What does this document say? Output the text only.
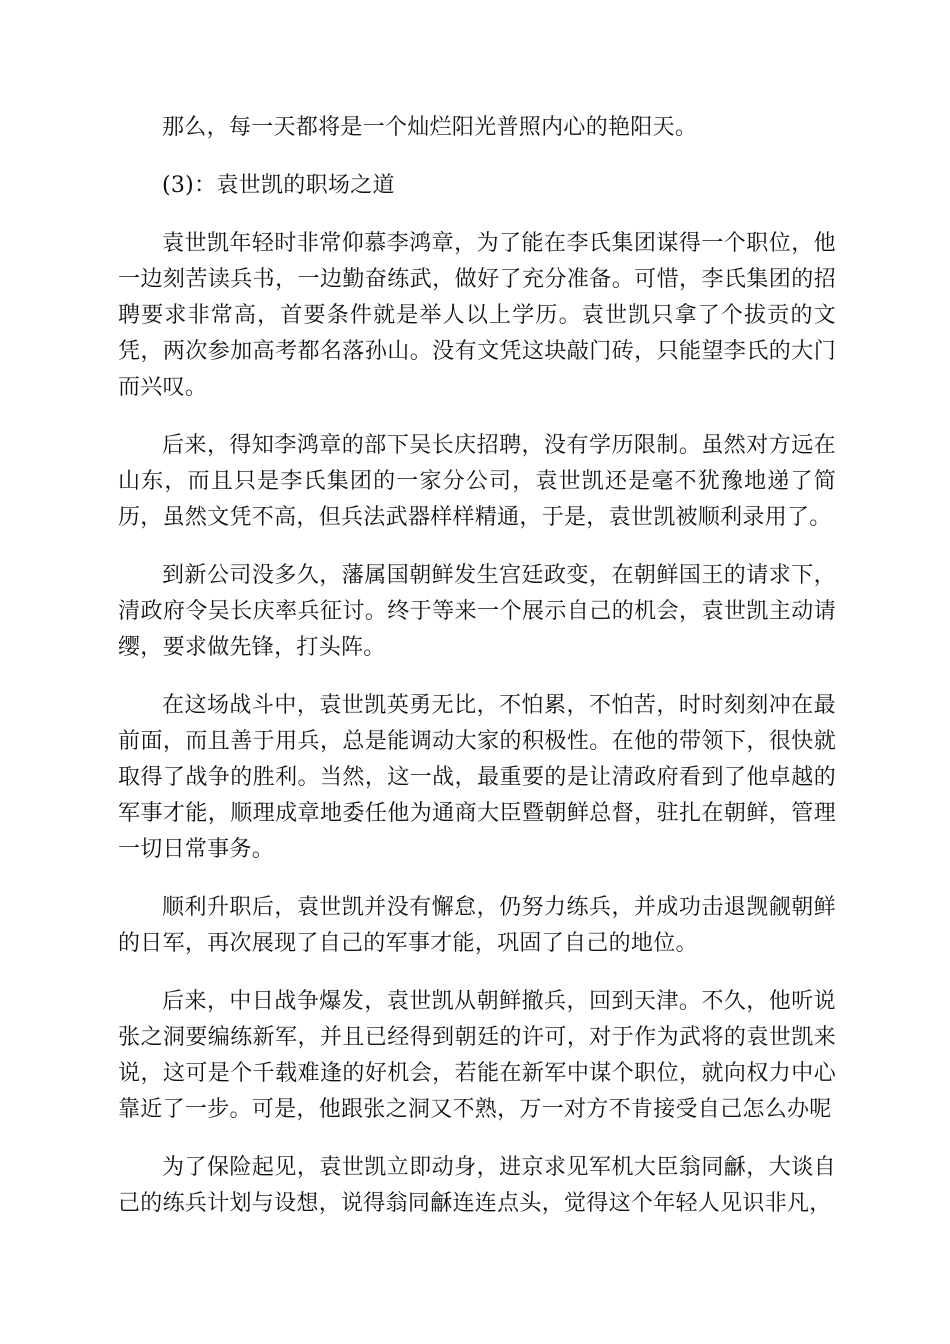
那么，每一天都将是一个灿烂阳光普照内心的艳阳天。

(3)：袁世凯的职场之道

袁世凯年轻时非常仰慕李鸿章，为了能在李氏集团谋得一个职位，他一边刻苦读兵书，一边勤奋练武，做好了充分准备。可惜，李氏集团的招聘要求非常高，首要条件就是举人以上学历。袁世凯只拿了个拔贡的文凭，两次参加高考都名落孙山。没有文凭这块敲门砖，只能望李氏的大门而兴叹。

后来，得知李鸿章的部下吴长庆招聘，没有学历限制。虽然对方远在山东，而且只是李氏集团的一家分公司，袁世凯还是毫不犹豫地递了简历，虽然文凭不高，但兵法武器样样精通，于是，袁世凯被顺利录用了。

到新公司没多久，藩属国朝鲜发生宫廷政变，在朝鲜国王的请求下，清政府令吴长庆率兵征讨。终于等来一个展示自己的机会，袁世凯主动请缨，要求做先锋，打头阵。

在这场战斗中，袁世凯英勇无比，不怕累，不怕苦，时时刻刻冲在最前面，而且善于用兵，总是能调动大家的积极性。在他的带领下，很快就取得了战争的胜利。当然，这一战，最重要的是让清政府看到了他卓越的军事才能，顺理成章地委任他为通商大臣暨朝鲜总督，驻扎在朝鲜，管理一切日常事务。

顺利升职后，袁世凯并没有懈怠，仍努力练兵，并成功击退觊觎朝鲜的日军，再次展现了自己的军事才能，巩固了自己的地位。

后来，中日战争爆发，袁世凯从朝鲜撤兵，回到天津。不久，他听说张之洞要编练新军，并且已经得到朝廷的许可，对于作为武将的袁世凯来说，这可是个千载难逢的好机会，若能在新军中谋个职位，就向权力中心靠近了一步。可是，他跟张之洞又不熟，万一对方不肯接受自己怎么办呢

为了保险起见，袁世凯立即动身，进京求见军机大臣翁同龢，大谈自己的练兵计划与设想，说得翁同龢连连点头，觉得这个年轻人见识非凡，
